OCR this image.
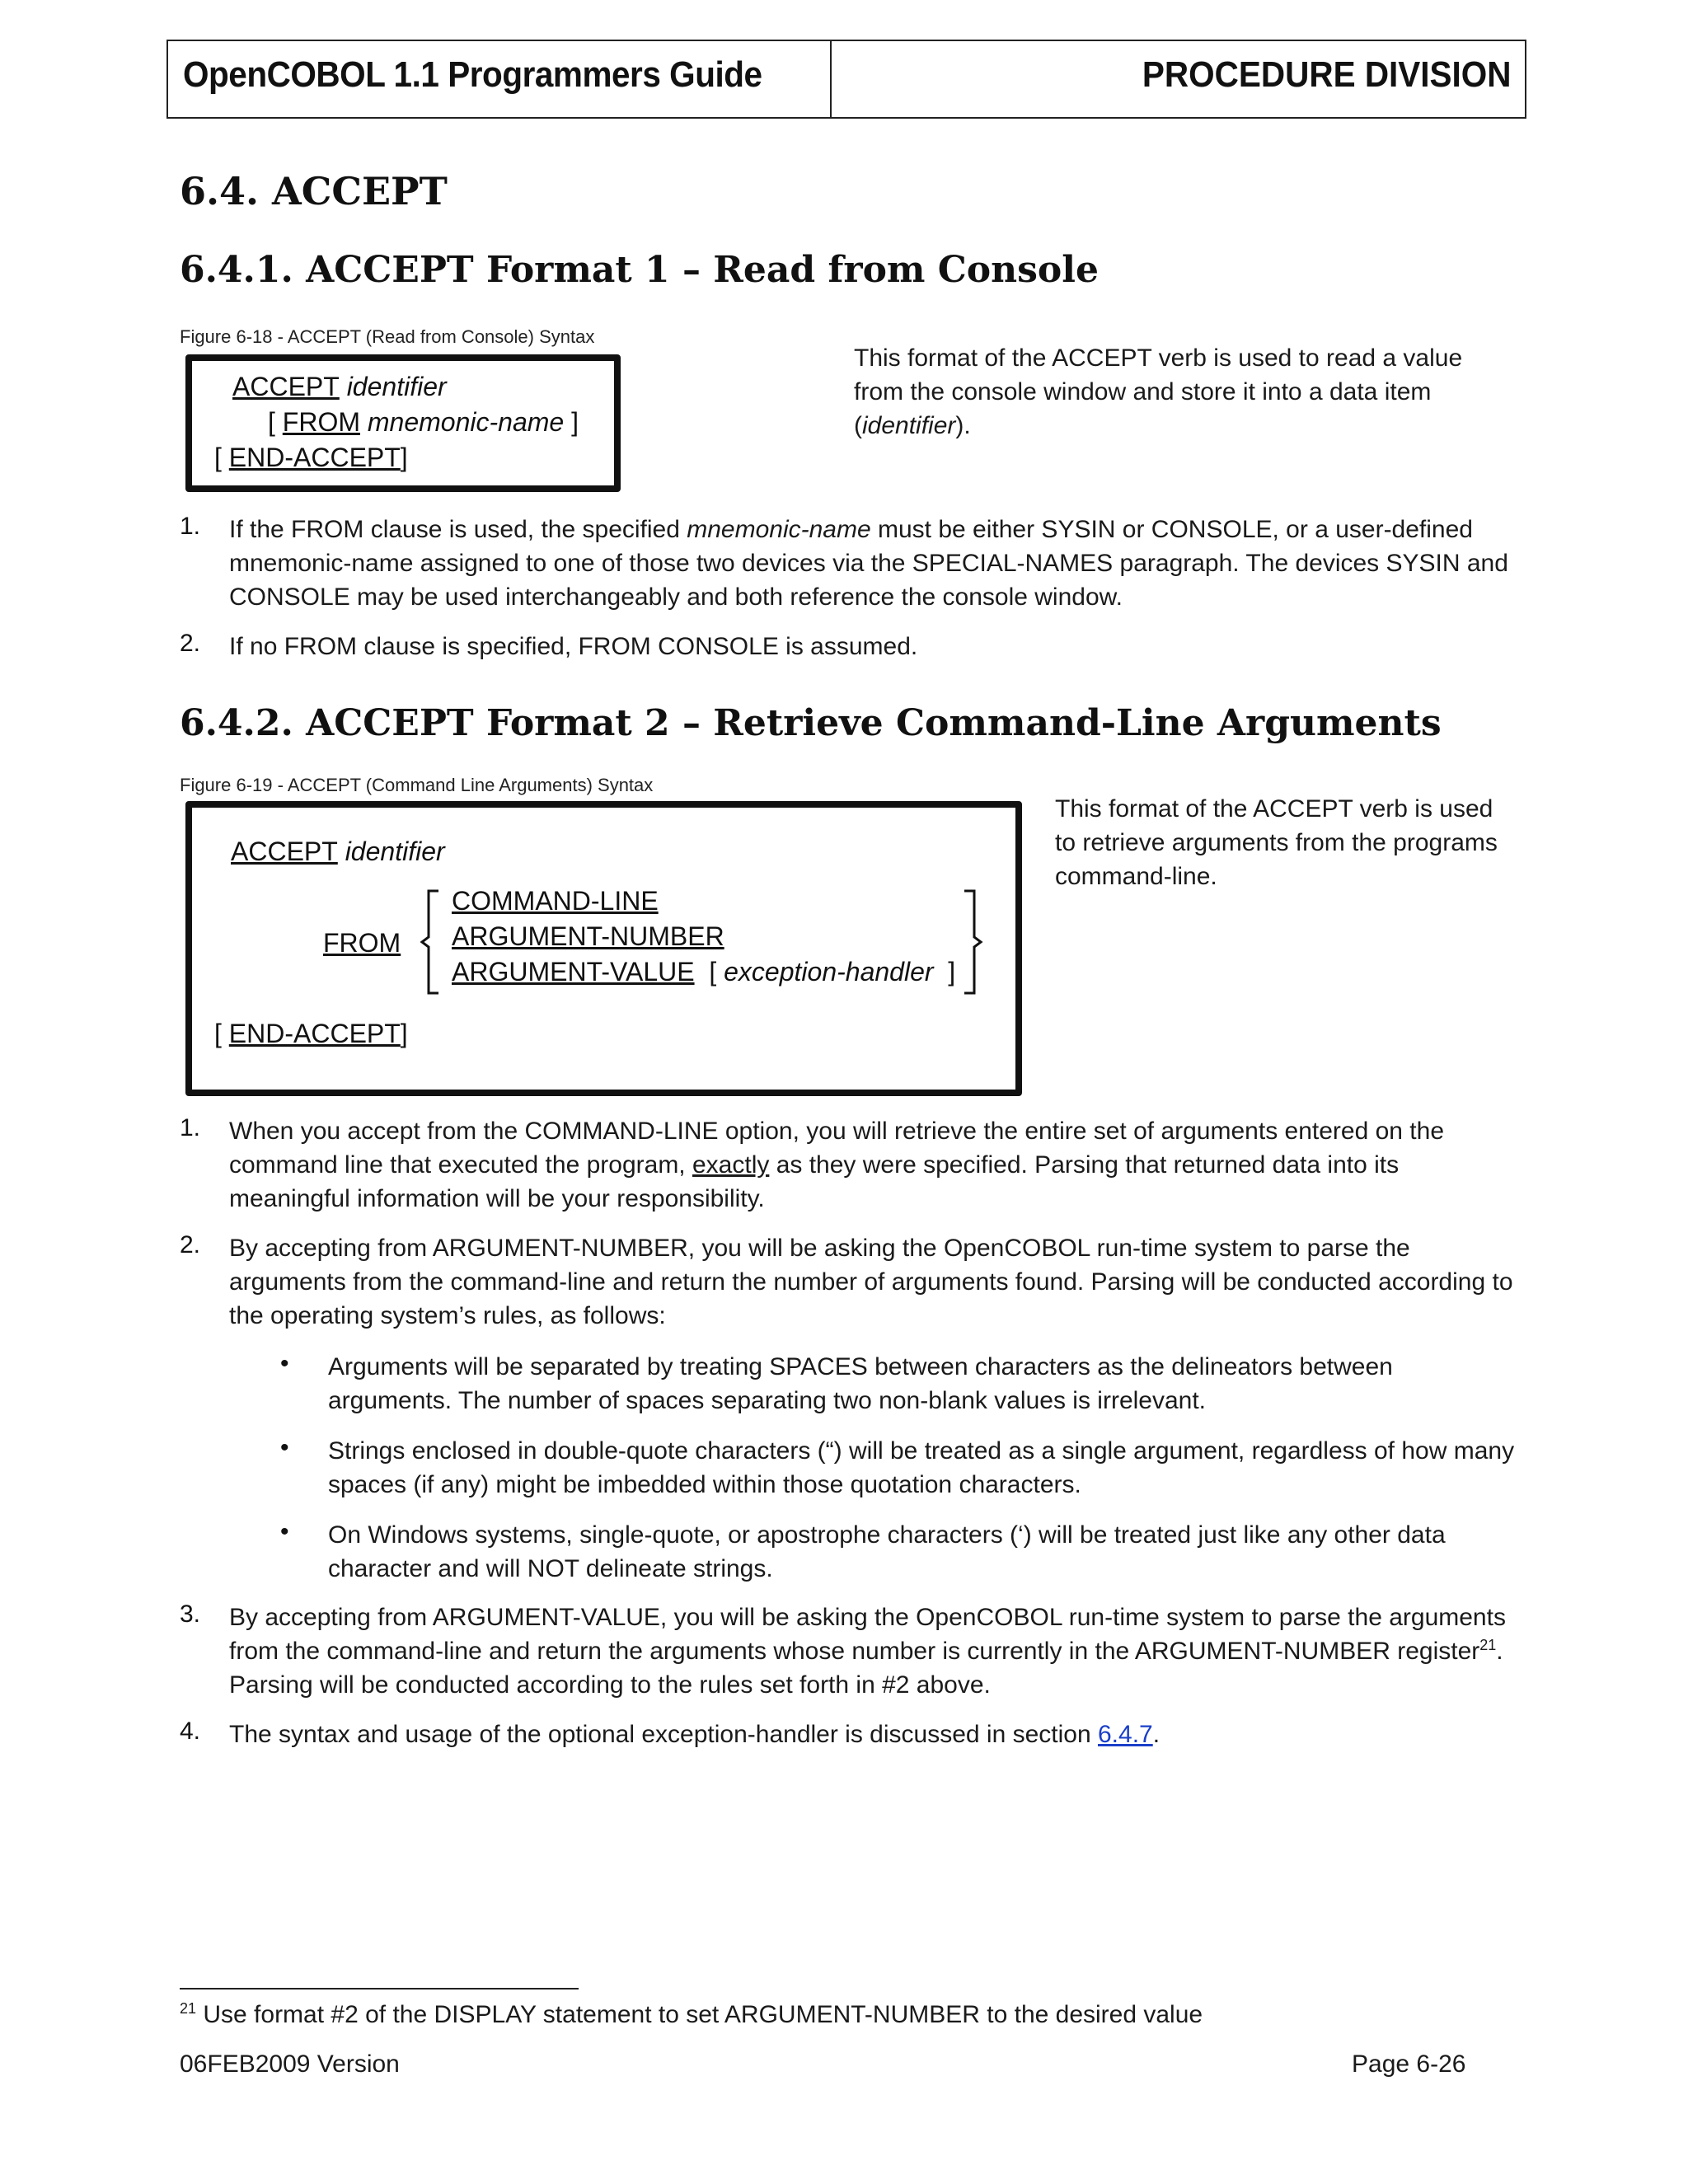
OpenCOBOL 1.1 Programmers Guide	PROCEDURE DIVISION
6.4. ACCEPT
6.4.1. ACCEPT Format 1 – Read from Console
Figure 6-18 - ACCEPT (Read from Console) Syntax
ACCEPT identifier
[ FROM mnemonic-name ]
[ END-ACCEPT]
This format of the ACCEPT verb is used to read a value from the console window and store it into a data item (identifier).
1.	If the FROM clause is used, the specified mnemonic-name must be either SYSIN or CONSOLE, or a user-defined mnemonic-name assigned to one of those two devices via the SPECIAL-NAMES paragraph. The devices SYSIN and CONSOLE may be used interchangeably and both reference the console window.
2.	If no FROM clause is specified, FROM CONSOLE is assumed.
6.4.2. ACCEPT Format 2 – Retrieve Command-Line Arguments
Figure 6-19 - ACCEPT (Command Line Arguments) Syntax
ACCEPT identifier
FROM
COMMAND-LINE
ARGUMENT-NUMBER
ARGUMENT-VALUE [ exception-handler ]
[ END-ACCEPT]
This format of the ACCEPT verb is used to retrieve arguments from the programs command-line.
1.	When you accept from the COMMAND-LINE option, you will retrieve the entire set of arguments entered on the command line that executed the program, exactly as they were specified. Parsing that returned data into its meaningful information will be your responsibility.
2.	By accepting from ARGUMENT-NUMBER, you will be asking the OpenCOBOL run-time system to parse the arguments from the command-line and return the number of arguments found. Parsing will be conducted according to the operating system’s rules, as follows:
• Arguments will be separated by treating SPACES between characters as the delineators between arguments. The number of spaces separating two non-blank values is irrelevant.
• Strings enclosed in double-quote characters (“) will be treated as a single argument, regardless of how many spaces (if any) might be imbedded within those quotation characters.
• On Windows systems, single-quote, or apostrophe characters (‘) will be treated just like any other data character and will NOT delineate strings.
3.	By accepting from ARGUMENT-VALUE, you will be asking the OpenCOBOL run-time system to parse the arguments from the command-line and return the arguments whose number is currently in the ARGUMENT-NUMBER register$^{21}$. Parsing will be conducted according to the rules set forth in #2 above.
4.	The syntax and usage of the optional exception-handler is discussed in section 6.4.7.
$^{21}$ Use format #2 of the DISPLAY statement to set ARGUMENT-NUMBER to the desired value
06FEB2009 Version	Page 6-26
